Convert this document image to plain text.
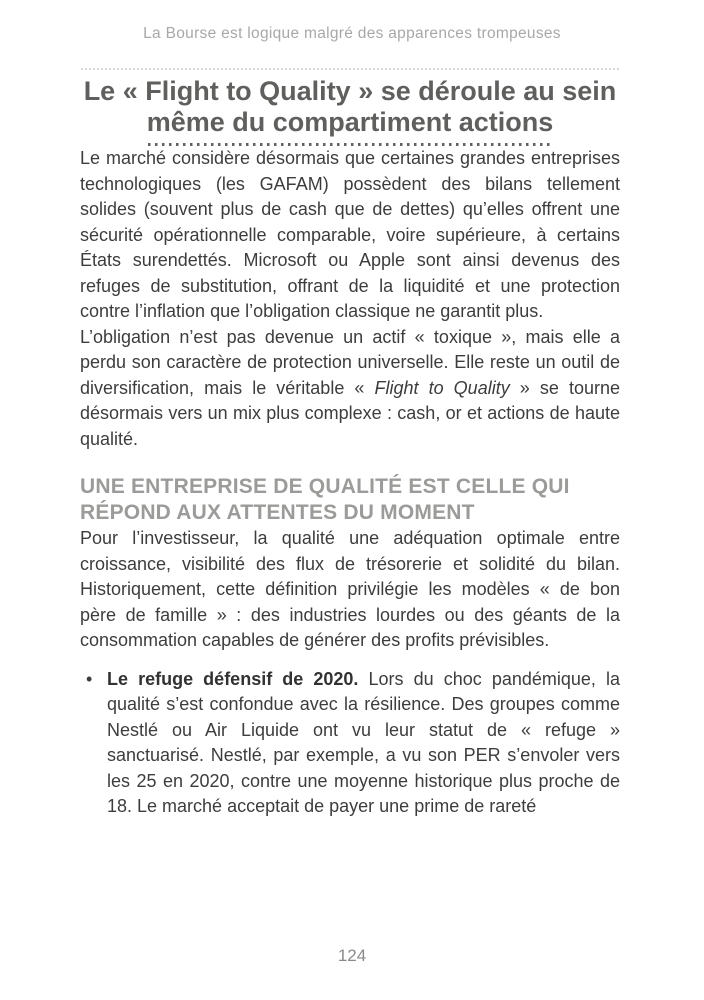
La Bourse est logique malgré des apparences trompeuses
Le « Flight to Quality » se déroule au sein
même du compartiment actions

Le marché considère désormais que certaines grandes entreprises technologiques (les GAFAM) possèdent des bilans tellement solides (souvent plus de cash que de dettes) qu’elles offrent une sécurité opérationnelle comparable, voire supérieure, à certains États surendettés. Microsoft ou Apple sont ainsi devenus des refuges de substitution, offrant de la liquidité et une protection contre l’inflation que l’obligation classique ne garantit plus.

L’obligation n’est pas devenue un actif « toxique », mais elle a perdu son caractère de protection universelle. Elle reste un outil de diversification, mais le véritable « Flight to Quality » se tourne désormais vers un mix plus complexe : cash, or et actions de haute qualité.

UNE ENTREPRISE DE QUALITÉ EST CELLE QUI
RÉPOND AUX ATTENTES DU MOMENT

Pour l’investisseur, la qualité une adéquation optimale entre croissance, visibilité des flux de trésorerie et solidité du bilan. Historiquement, cette définition privilégie les modèles « de bon père de famille » : des industries lourdes ou des géants de la consommation capables de générer des profits prévisibles.

• Le refuge défensif de 2020. Lors du choc pandémique, la qualité s’est confondue avec la résilience. Des groupes comme Nestlé ou Air Liquide ont vu leur statut de « refuge » sanctuarisé. Nestlé, par exemple, a vu son PER s’envoler vers les 25 en 2020, contre une moyenne historique plus proche de 18. Le marché acceptait de payer une prime de rareté

124
